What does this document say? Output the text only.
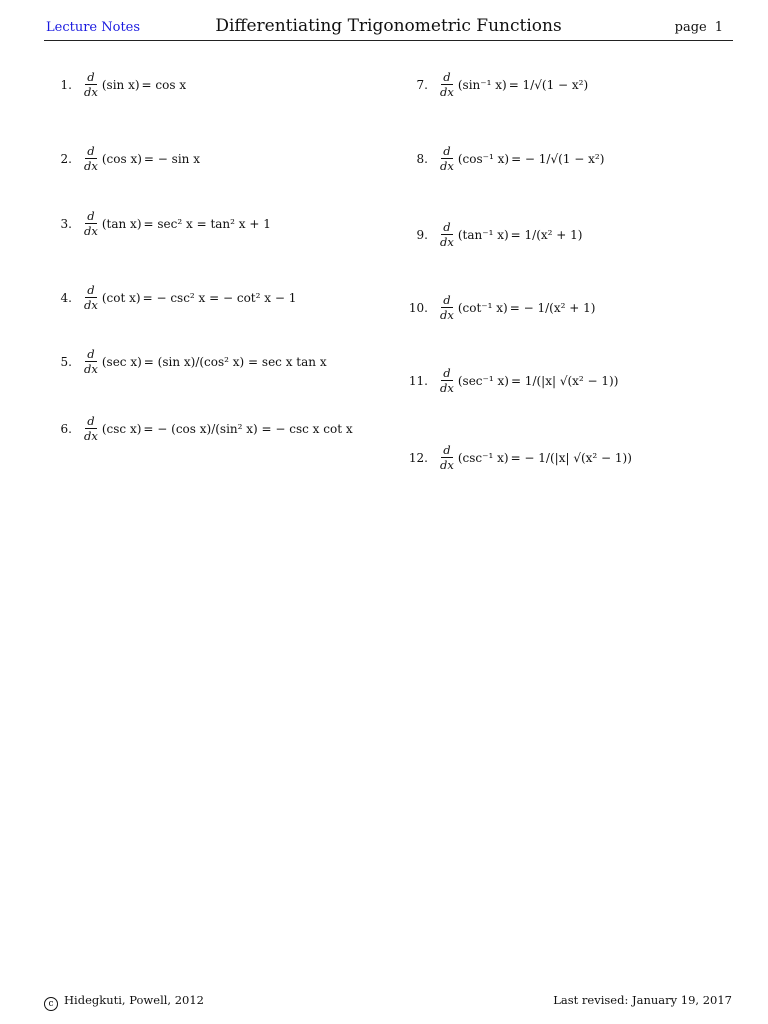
Lecture Notes	Differentiating Trigonometric Functions	page 1
1. $\frac{d}{dx} (\sin$ x) = cos x
2. $\frac{d}{dx} (\cos$ x) = − sin x
3. $\frac{d}{dx} (\tan$ x) = sec² x = tan² x + 1
4. $\frac{d}{dx} (\cot$ x) = − csc² x = − cot² x − 1
5. $\frac{d}{dx} (\sec$ x) = (sin x)/(cos² x) = sec x tan x
6. $\frac{d}{dx} (\csc$ x) = − (cos x)/(sin² x) = − csc x cot x
7. $\frac{d}{dx} (\sin^{-1}$ x) = 1/√(1 − x²)
8. $\frac{d}{dx} (\cos^{-1}$ x) = − 1/√(1 − x²)
9. $\frac{d}{dx} (\tan^{-1}$ x) = 1/(x² + 1)
10. $\frac{d}{dx} (\cot^{-1}$ x) = − 1/(x² + 1)
11. $\frac{d}{dx} (\sec^{-1}$ x) = 1/(|x| √(x² − 1))
12. $\frac{d}{dx} (\csc^{-1}$ x) = − 1/(|x| √(x² − 1))
c Hidegkuti, Powell, 2012	Last revised: January 19, 2017
